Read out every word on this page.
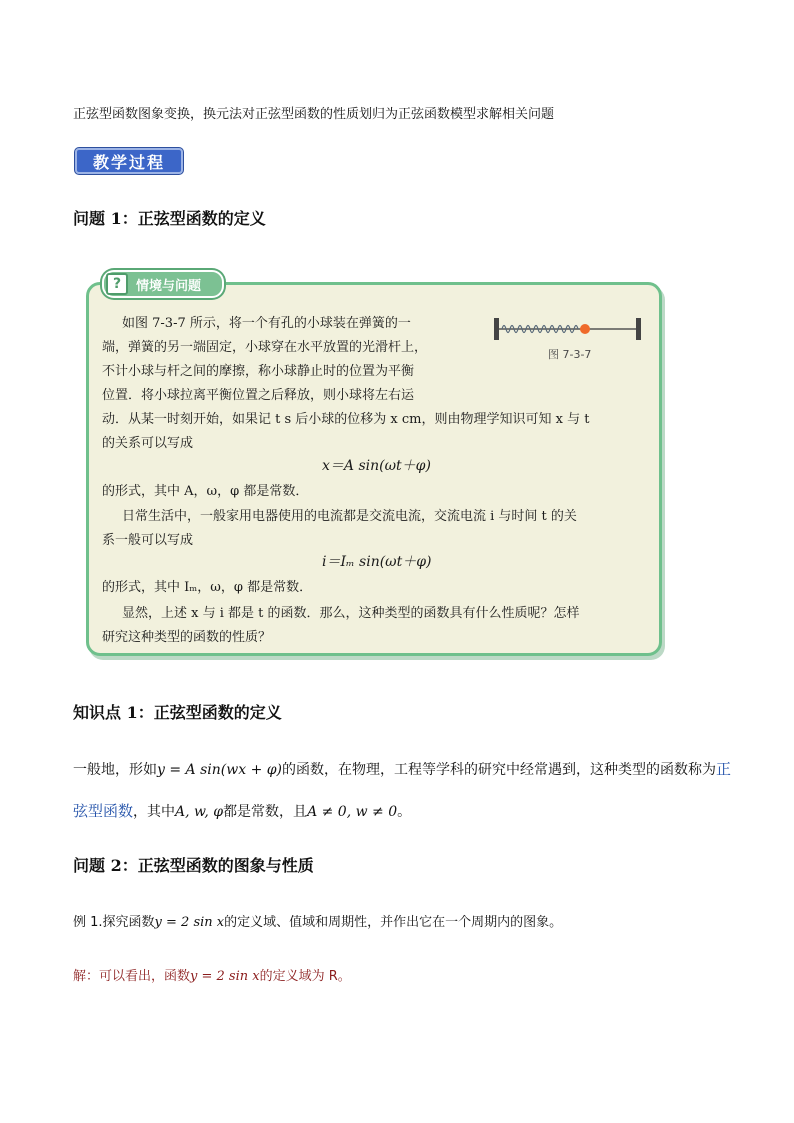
正弦型函数图象变换，换元法对正弦型函数的性质划归为正弦函数模型求解相关问题
教学过程
问题 1：正弦型函数的定义
?	情境与问题
如图 7-3-7 所示，将一个有孔的小球装在弹簧的一
端，弹簧的另一端固定，小球穿在水平放置的光滑杆上，
不计小球与杆之间的摩擦，称小球静止时的位置为平衡
位置．将小球拉离平衡位置之后释放，则小球将左右运
动．从某一时刻开始，如果记 t s 后小球的位移为 x cm，则由物理学知识可知 x 与 t
的关系可以写成
图 7-3-7
x＝A sin(ωt＋φ)
的形式，其中 A，ω，φ 都是常数．
日常生活中，一般家用电器使用的电流都是交流电流，交流电流 i 与时间 t 的关
系一般可以写成
i＝Iₘ sin(ωt＋φ)
的形式，其中 Iₘ，ω，φ 都是常数．
显然，上述 x 与 i 都是 t 的函数．那么，这种类型的函数具有什么性质呢？怎样
研究这种类型的函数的性质？
知识点 1：正弦型函数的定义
一般地，形如y = A sin(wx + φ)的函数，在物理，工程等学科的研究中经常遇到，这种类型的函数称为正
弦型函数，其中A, w, φ都是常数，且A ≠ 0, w ≠ 0。
问题 2：正弦型函数的图象与性质
例 1.探究函数y = 2 sin x的定义域、值域和周期性，并作出它在一个周期内的图象。
解：可以看出，函数y = 2 sin x的定义域为 R。
